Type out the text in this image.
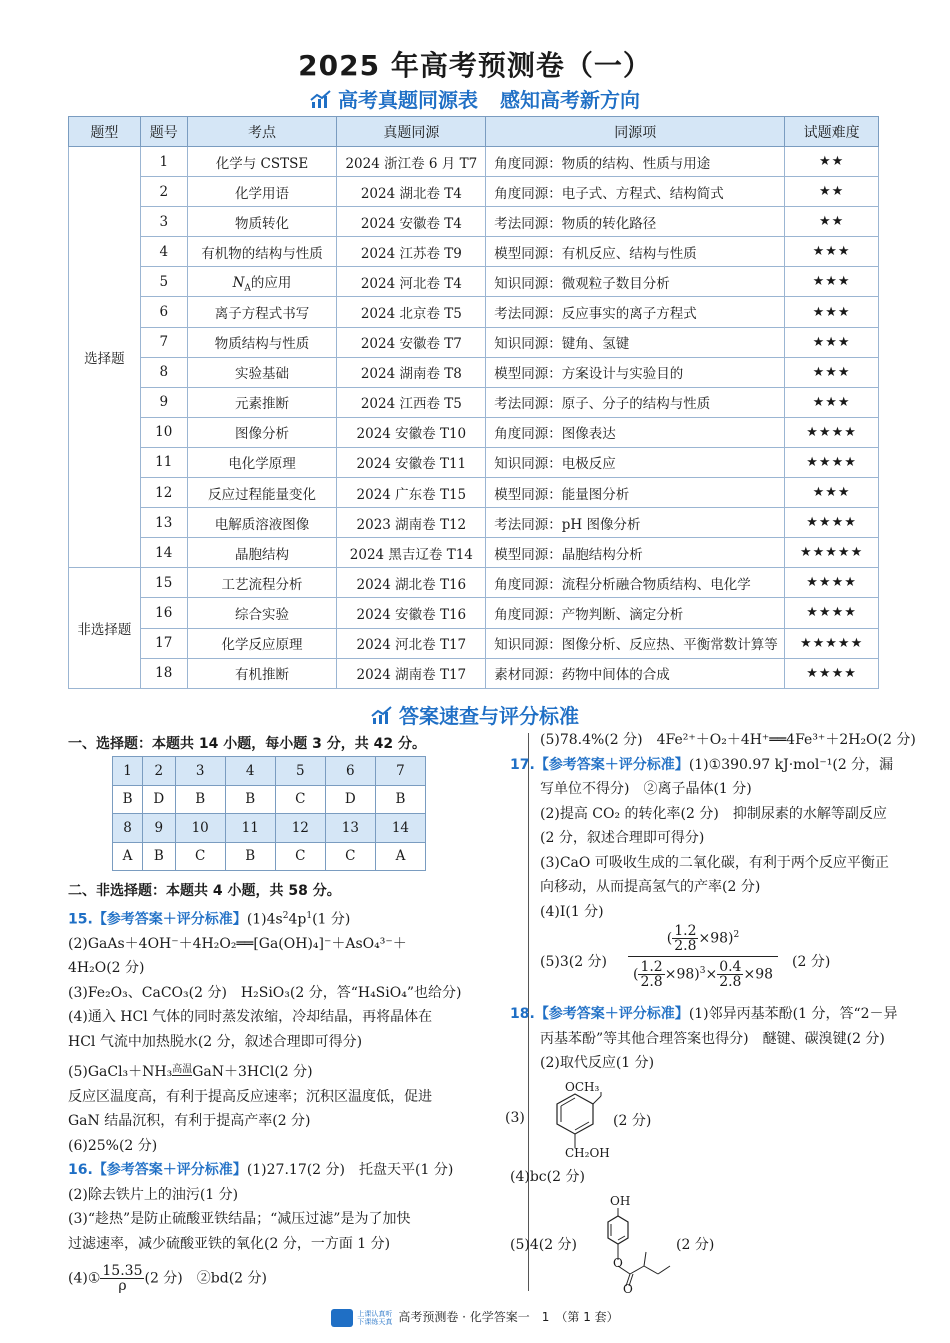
2025 年高考预测卷（一）
高考真题同源表 感知高考新方向
题型	题号	考点	真题同源	同源项	试题难度
选择题	1	化学与 CSTSE	2024 浙江卷 6 月 T7	角度同源：物质的结构、性质与用途	★★
	2	化学用语	2024 湖北卷 T4	角度同源：电子式、方程式、结构简式	★★
	3	物质转化	2024 安徽卷 T4	考法同源：物质的转化路径	★★
	4	有机物的结构与性质	2024 江苏卷 T9	模型同源：有机反应、结构与性质	★★★
	5	$N_A$的应用	2024 河北卷 T4	知识同源：微观粒子数目分析	★★★
	6	离子方程式书写	2024 北京卷 T5	考法同源：反应事实的离子方程式	★★★
	7	物质结构与性质	2024 安徽卷 T7	知识同源：键角、氢键	★★★
	8	实验基础	2024 湖南卷 T8	模型同源：方案设计与实验目的	★★★
	9	元素推断	2024 江西卷 T5	考法同源：原子、分子的结构与性质	★★★
	10	图像分析	2024 安徽卷 T10	角度同源：图像表达	★★★★
	11	电化学原理	2024 安徽卷 T11	知识同源：电极反应	★★★★
	12	反应过程能量变化	2024 广东卷 T15	模型同源：能量图分析	★★★
	13	电解质溶液图像	2023 湖南卷 T12	考法同源：pH 图像分析	★★★★
	14	晶胞结构	2024 黑吉辽卷 T14	模型同源：晶胞结构分析	★★★★★
非选择题	15	工艺流程分析	2024 湖北卷 T16	角度同源：流程分析融合物质结构、电化学	★★★★
	16	综合实验	2024 安徽卷 T16	角度同源：产物判断、滴定分析	★★★★
	17	化学反应原理	2024 河北卷 T17	知识同源：图像分析、反应热、平衡常数计算等	★★★★★
	18	有机推断	2024 湖南卷 T17	素材同源：药物中间体的合成	★★★★
答案速查与评分标准

一、选择题：本题共 14 小题，每小题 3 分，共 42 分。

1	2	3	4	5	6	7
B	D	B	B	C	D	B
8	9	10	11	12	13	14
A	B	C	B	C	C	A

二、非选择题：本题共 4 小题，共 58 分。

15.【参考答案＋评分标准】$(1)4s^24p^1(1$ 分)

(2)GaAs＋4OH⁻＋4H₂O₂══[Ga(OH)₄]⁻＋AsO₄³⁻＋

4H₂O(2 分)

(3)Fe₂O₃、CaCO₃(2 分)　H₂SiO₃(2 分，答“H₄SiO₄”也给分)

(4)通入 HCl 气体的同时蒸发浓缩，冷却结晶，再将晶体在

HCl 气流中加热脱水(2 分，叙述合理即可得分)

(5)GaCl₃＋NH₃高温GaN＋3HCl(2 分)

反应区温度高，有利于提高反应速率；沉积区温度低，促进

GaN 结晶沉积，有利于提高产率(2 分)

(6)25%(2 分)

16.【参考答案＋评分标准】(1)27.17(2 分)　托盘天平(1 分)

(2)除去铁片上的油污(1 分)

(3)“趁热”是防止硫酸亚铁结晶；“减压过滤”是为了加快

过滤速率，减少硫酸亚铁的氧化(2 分，一方面 1 分)

(4)① $\frac{15.35}{\rho} (2$ 分)　②bd(2 分)

(5)78.4%(2 分)　4Fe²⁺＋O₂＋4H⁺══4Fe³⁺＋2H₂O(2 分)

17.【参考答案＋评分标准】(1)①390.97 kJ·mol⁻¹(2 分，漏

写单位不得分)　②离子晶体(1 分)

(2)提高 CO₂ 的转化率(2 分)　抑制尿素的水解等副反应

(2 分，叙述合理即可得分)

(3)CaO 可吸收生成的二氧化碳，有利于两个反应平衡正

向移动，从而提高氢气的产率(2 分)

(4)Ⅰ(1 分)

(5)3(2 分) $\frac{( \frac{1.2}{2.8} \times 98)^2}{( \frac{1.2}{2.8} \times 98)^3\times \frac{0.4}{2.8} \times 98} (2$ 分)

18.【参考答案＋评分标准】(1)邻异丙基苯酚(1 分，答“2－异

丙基苯酚”等其他合理答案也得分)　醚键、碳溴键(2 分)

(2)取代反应(1 分)

(3)
OCH₃
CH₂OH
(2 分)

(4)bc(2 分)

(5)4(2 分)
OH
O
O
(2 分)
上课认真听
下课练天真 高考预测卷 · 化学答案一　1　（第 1 套）
